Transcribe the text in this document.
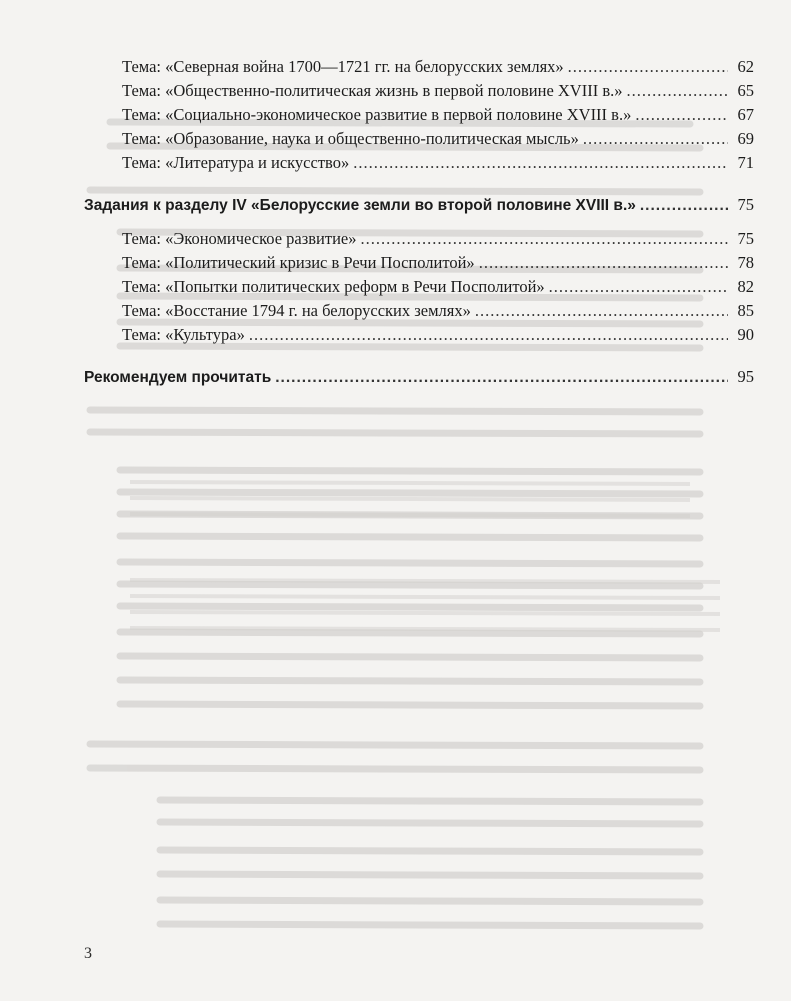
Тема: «Северная война 1700—1721 гг. на белорусских землях» .....	62
Тема: «Общественно-политическая жизнь в первой половине XVIII в.» .....	65
Тема: «Социально-экономическое развитие в первой половине XVIII в.» .....	67
Тема: «Образование, наука и общественно-политическая мысль» .....	69
Тема: «Литература и искусство» .....	71
Задания к разделу IV «Белорусские земли во второй половине XVIII в.» .....	75
Тема: «Экономическое развитие» .....	75
Тема: «Политический кризис в Речи Посполитой» .....	78
Тема: «Попытки политических реформ в Речи Посполитой» .....	82
Тема: «Восстание 1794 г. на белорусских землях» .....	85
Тема: «Культура» .....	90
Рекомендуем прочитать .....	95
3
